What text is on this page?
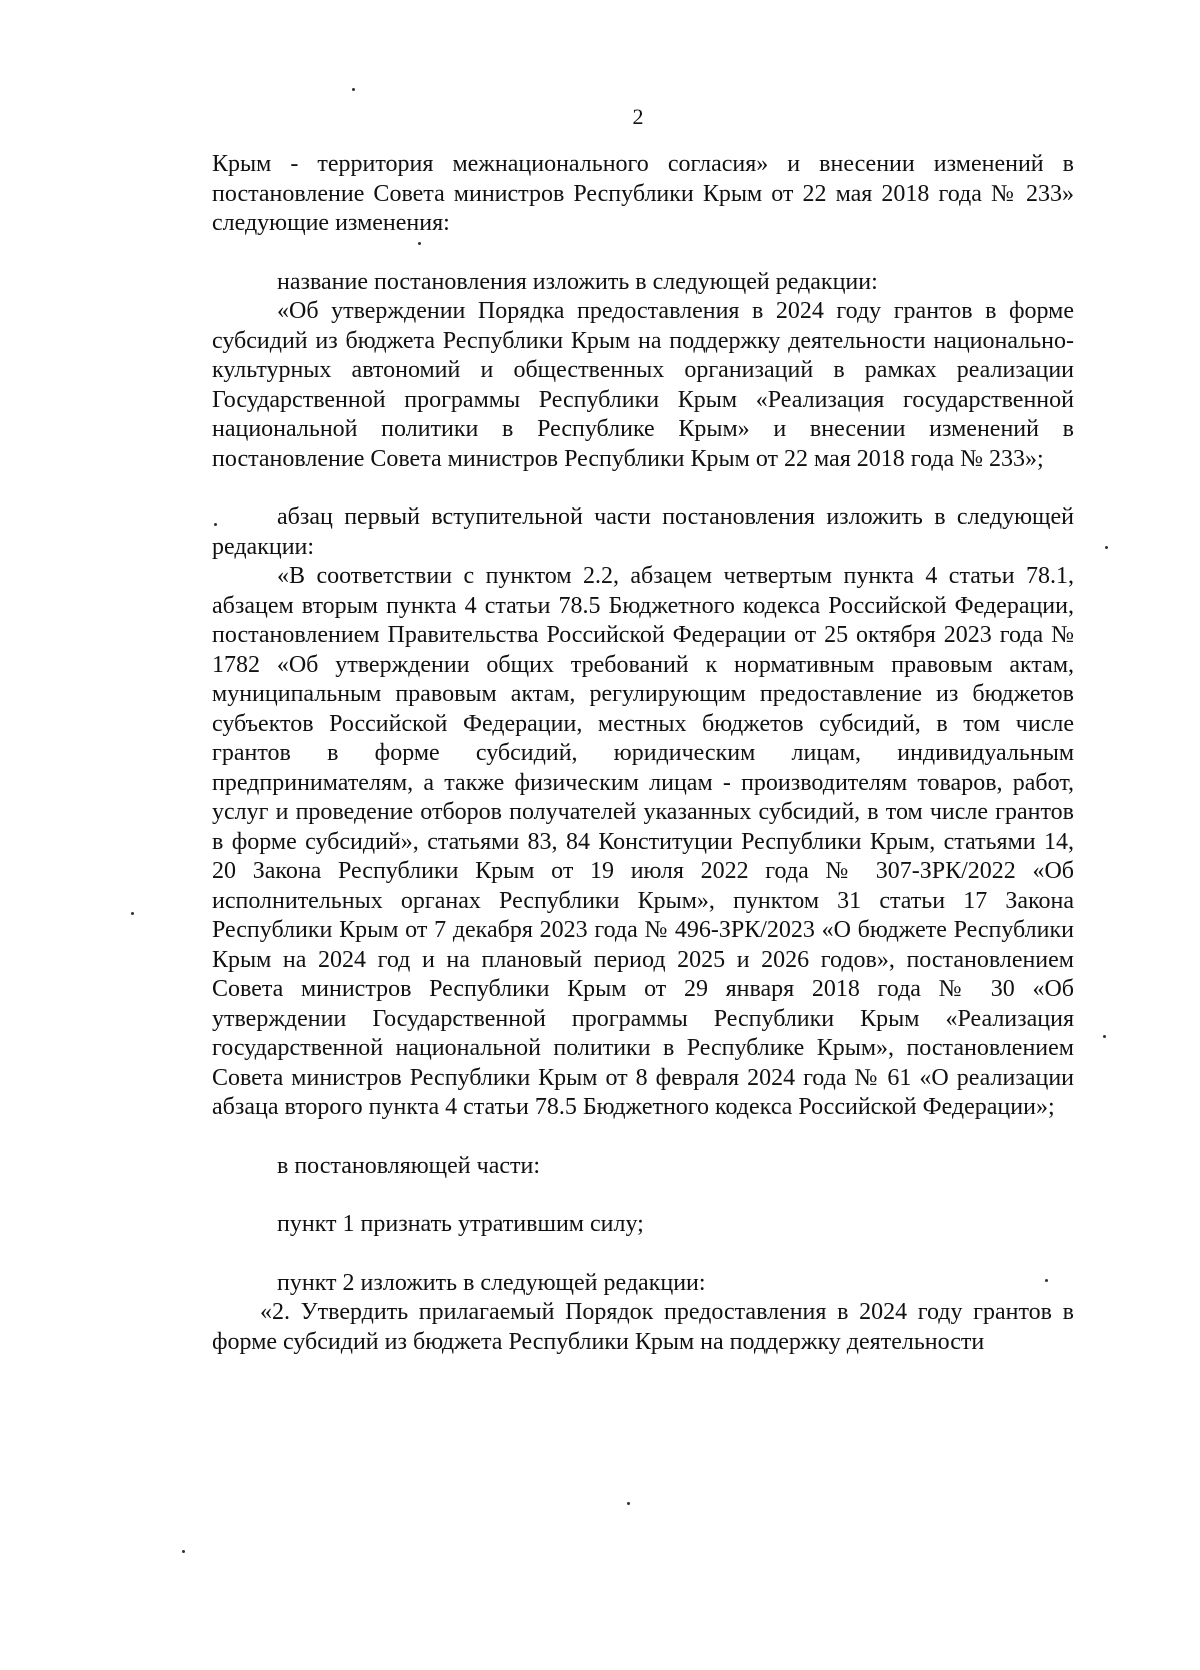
2

Крым - территория межнационального согласия» и внесении изменений в постановление Совета министров Республики Крым от 22 мая 2018 года № 233» следующие изменения:

название постановления изложить в следующей редакции:

«Об утверждении Порядка предоставления в 2024 году грантов в форме субсидий из бюджета Республики Крым на поддержку деятельности национально-культурных автономий и общественных организаций в рамках реализации Государственной программы Республики Крым «Реализация государственной национальной политики в Республике Крым» и внесении изменений в постановление Совета министров Республики Крым от 22 мая 2018 года № 233»;

абзац первый вступительной части постановления изложить в следующей редакции:

«В соответствии с пунктом 2.2, абзацем четвертым пункта 4 статьи 78.1, абзацем вторым пункта 4 статьи 78.5 Бюджетного кодекса Российской Федерации, постановлением Правительства Российской Федерации от 25 октября 2023 года № 1782 «Об утверждении общих требований к нормативным правовым актам, муниципальным правовым актам, регулирующим предоставление из бюджетов субъектов Российской Федерации, местных бюджетов субсидий, в том числе грантов в форме субсидий, юридическим лицам, индивидуальным предпринимателям, а также физическим лицам - производителям товаров, работ, услуг и проведение отборов получателей указанных субсидий, в том числе грантов в форме субсидий», статьями 83, 84 Конституции Республики Крым, статьями 14, 20 Закона Республики Крым от 19 июля 2022 года № 307-ЗРК/2022 «Об исполнительных органах Республики Крым», пунктом 31 статьи 17 Закона Республики Крым от 7 декабря 2023 года № 496-ЗРК/2023 «О бюджете Республики Крым на 2024 год и на плановый период 2025 и 2026 годов», постановлением Совета министров Республики Крым от 29 января 2018 года № 30 «Об утверждении Государственной программы Республики Крым «Реализация государственной национальной политики в Республике Крым», постановлением Совета министров Республики Крым от 8 февраля 2024 года № 61 «О реализации абзаца второго пункта 4 статьи 78.5 Бюджетного кодекса Российской Федерации»;

в постановляющей части:

пункт 1 признать утратившим силу;

пункт 2 изложить в следующей редакции:

«2. Утвердить прилагаемый Порядок предоставления в 2024 году грантов в форме субсидий из бюджета Республики Крым на поддержку деятельности
